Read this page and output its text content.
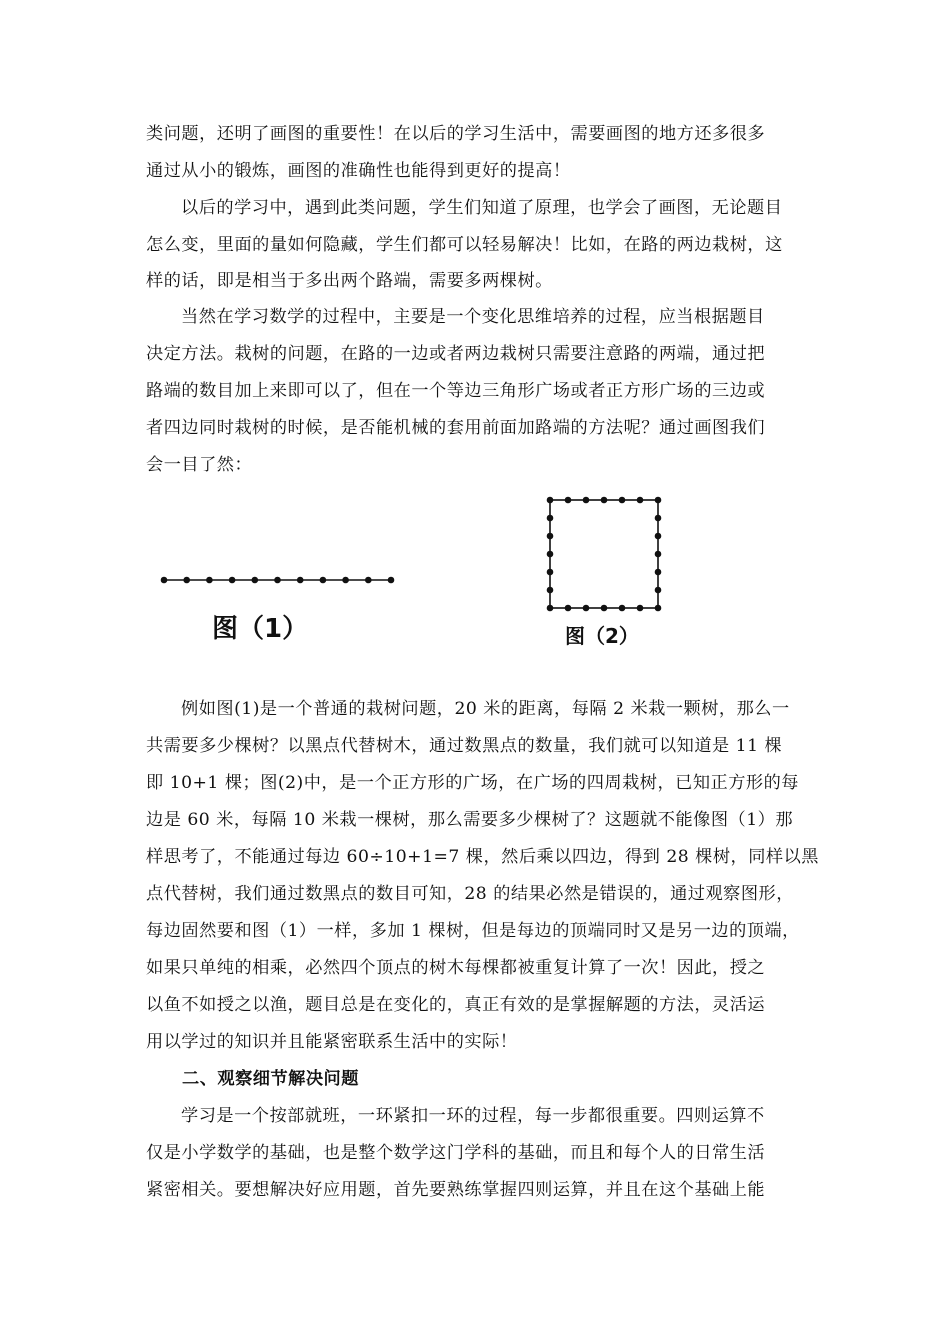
类问题，还明了画图的重要性！在以后的学习生活中，需要画图的地方还多很多
通过从小的锻炼，画图的准确性也能得到更好的提高！
以后的学习中，遇到此类问题，学生们知道了原理，也学会了画图，无论题目
怎么变，里面的量如何隐藏，学生们都可以轻易解决！比如，在路的两边栽树，这
样的话，即是相当于多出两个路端，需要多两棵树。
当然在学习数学的过程中，主要是一个变化思维培养的过程，应当根据题目
决定方法。栽树的问题，在路的一边或者两边栽树只需要注意路的两端，通过把
路端的数目加上来即可以了，但在一个等边三角形广场或者正方形广场的三边或
者四边同时栽树的时候，是否能机械的套用前面加路端的方法呢？通过画图我们
会一目了然：
图（1）	图（2）
例如图(1)是一个普通的栽树问题，20 米的距离，每隔 2 米栽一颗树，那么一
共需要多少棵树？以黑点代替树木，通过数黑点的数量，我们就可以知道是 11 棵
即 10+1 棵；图(2)中，是一个正方形的广场，在广场的四周栽树，已知正方形的每
边是 60 米，每隔 10 米栽一棵树，那么需要多少棵树了？这题就不能像图（1）那
样思考了，不能通过每边 60÷10+1=7 棵，然后乘以四边，得到 28 棵树，同样以黑
点代替树，我们通过数黑点的数目可知，28 的结果必然是错误的，通过观察图形，
每边固然要和图（1）一样，多加 1 棵树，但是每边的顶端同时又是另一边的顶端，
如果只单纯的相乘，必然四个顶点的树木每棵都被重复计算了一次！因此，授之
以鱼不如授之以渔，题目总是在变化的，真正有效的是掌握解题的方法，灵活运
用以学过的知识并且能紧密联系生活中的实际！
二、观察细节解决问题
学习是一个按部就班，一环紧扣一环的过程，每一步都很重要。四则运算不
仅是小学数学的基础，也是整个数学这门学科的基础，而且和每个人的日常生活
紧密相关。要想解决好应用题，首先要熟练掌握四则运算，并且在这个基础上能
